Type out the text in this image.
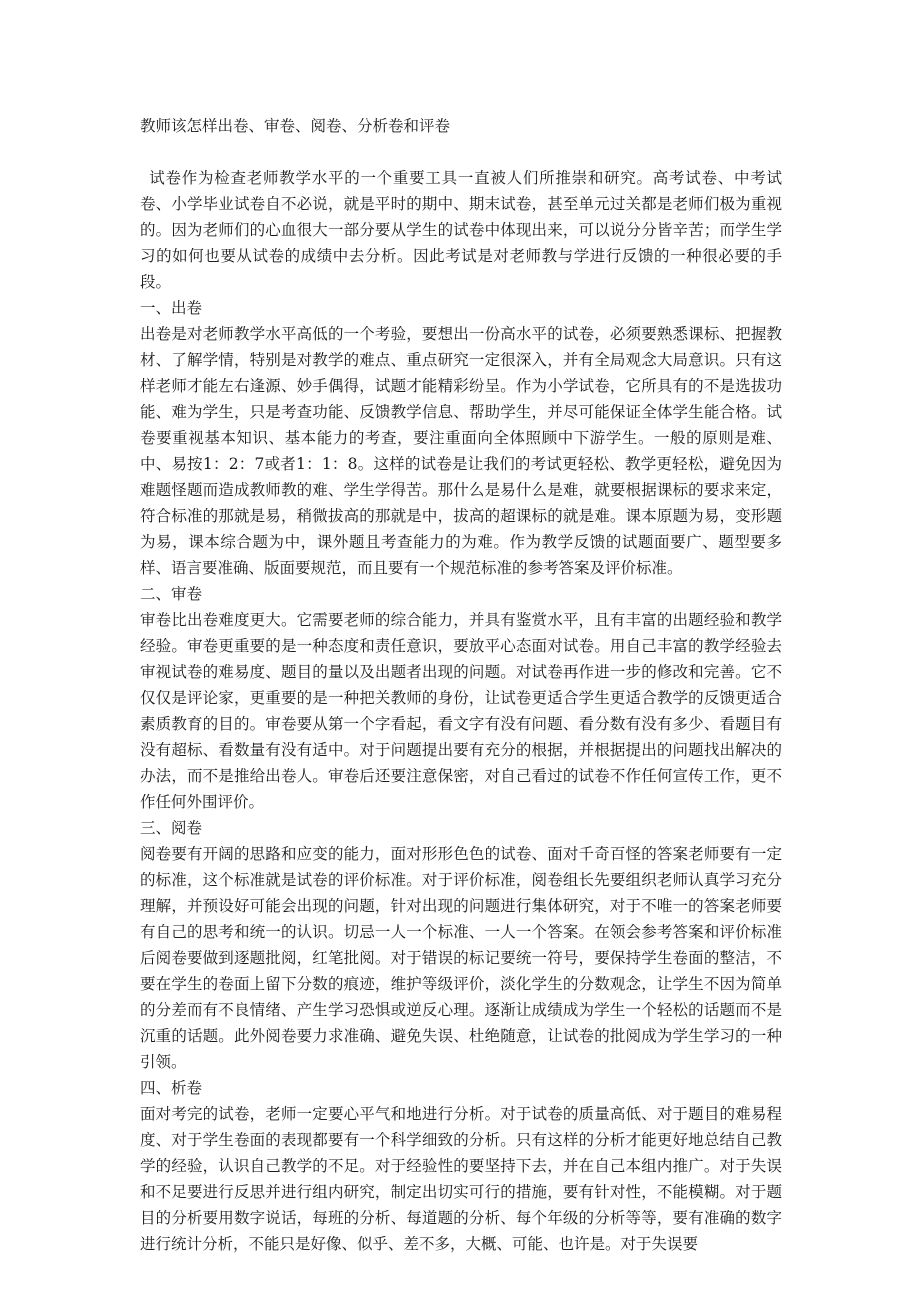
教师该怎样出卷、审卷、阅卷、分析卷和评卷

试卷作为检查老师教学水平的一个重要工具一直被人们所推崇和研究。高考试卷、中考试卷、小学毕业试卷自不必说，就是平时的期中、期末试卷，甚至单元过关都是老师们极为重视的。因为老师们的心血很大一部分要从学生的试卷中体现出来，可以说分分皆辛苦；而学生学习的如何也要从试卷的成绩中去分析。因此考试是对老师教与学进行反馈的一种很必要的手段。

一、出卷

出卷是对老师教学水平高低的一个考验，要想出一份高水平的试卷，必须要熟悉课标、把握教材、了解学情，特别是对教学的难点、重点研究一定很深入，并有全局观念大局意识。只有这样老师才能左右逢源、妙手偶得，试题才能精彩纷呈。作为小学试卷，它所具有的不是选拔功能、难为学生，只是考查功能、反馈教学信息、帮助学生，并尽可能保证全体学生能合格。试卷要重视基本知识、基本能力的考查，要注重面向全体照顾中下游学生。一般的原则是难、中、易按1：2：7或者1：1：8。这样的试卷是让我们的考试更轻松、教学更轻松，避免因为难题怪题而造成教师教的难、学生学得苦。那什么是易什么是难，就要根据课标的要求来定，符合标准的那就是易，稍微拔高的那就是中，拔高的超课标的就是难。课本原题为易，变形题为易，课本综合题为中，课外题且考查能力的为难。作为教学反馈的试题面要广、题型要多样、语言要准确、版面要规范，而且要有一个规范标准的参考答案及评价标准。

二、审卷

审卷比出卷难度更大。它需要老师的综合能力，并具有鉴赏水平，且有丰富的出题经验和教学经验。审卷更重要的是一种态度和责任意识，要放平心态面对试卷。用自己丰富的教学经验去审视试卷的难易度、题目的量以及出题者出现的问题。对试卷再作进一步的修改和完善。它不仅仅是评论家，更重要的是一种把关教师的身份，让试卷更适合学生更适合教学的反馈更适合素质教育的目的。审卷要从第一个字看起，看文字有没有问题、看分数有没有多少、看题目有没有超标、看数量有没有适中。对于问题提出要有充分的根据，并根据提出的问题找出解决的办法，而不是推给出卷人。审卷后还要注意保密，对自己看过的试卷不作任何宣传工作，更不作任何外围评价。

三、阅卷

阅卷要有开阔的思路和应变的能力，面对形形色色的试卷、面对千奇百怪的答案老师要有一定的标准，这个标准就是试卷的评价标准。对于评价标准，阅卷组长先要组织老师认真学习充分理解，并预设好可能会出现的问题，针对出现的问题进行集体研究，对于不唯一的答案老师要有自己的思考和统一的认识。切忌一人一个标准、一人一个答案。在领会参考答案和评价标准后阅卷要做到逐题批阅，红笔批阅。对于错误的标记要统一符号，要保持学生卷面的整洁，不要在学生的卷面上留下分数的痕迹，维护等级评价，淡化学生的分数观念，让学生不因为简单的分差而有不良情绪、产生学习恐惧或逆反心理。逐渐让成绩成为学生一个轻松的话题而不是沉重的话题。此外阅卷要力求准确、避免失误、杜绝随意，让试卷的批阅成为学生学习的一种引领。

四、析卷

面对考完的试卷，老师一定要心平气和地进行分析。对于试卷的质量高低、对于题目的难易程度、对于学生卷面的表现都要有一个科学细致的分析。只有这样的分析才能更好地总结自己教学的经验，认识自己教学的不足。对于经验性的要坚持下去，并在自己本组内推广。对于失误和不足要进行反思并进行组内研究，制定出切实可行的措施，要有针对性，不能模糊。对于题目的分析要用数字说话，每班的分析、每道题的分析、每个年级的分析等等，要有准确的数字进行统计分析，不能只是好像、似乎、差不多，大概、可能、也许是。对于失误要
